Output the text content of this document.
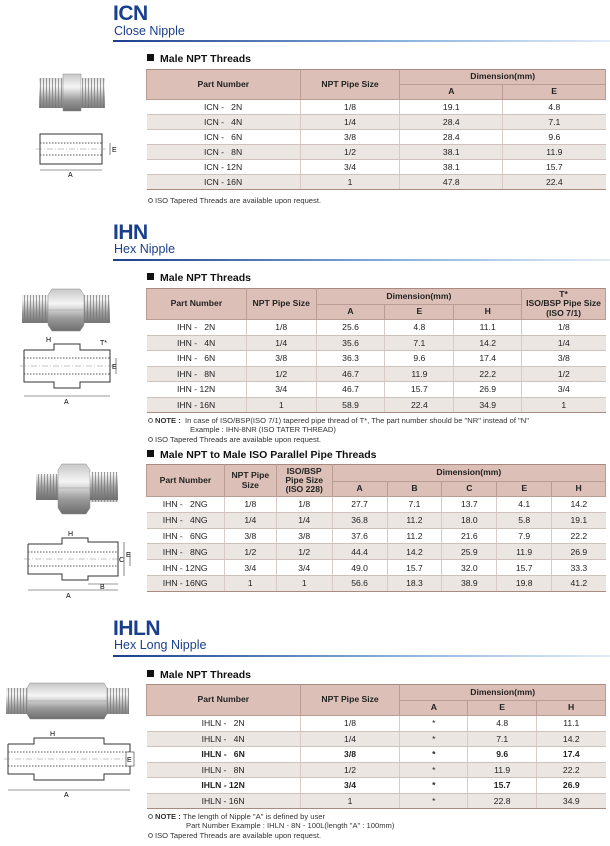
ICN
Close Nipple
Male NPT Threads
E
A
Part Number	NPT Pipe Size	Dimension(mm)	
		A	E
ICN -   2N	1/8	19.1	4.8
ICN -   4N	1/4	28.4	7.1
ICN -   6N	3/8	28.4	9.6
ICN -   8N	1/2	38.1	11.9
ICN - 12N	3/4	38.1	15.7
ICN - 16N	1	47.8	22.4
ISO Tapered Threads are available upon request.
IHN
Hex Nipple
Male NPT Threads
H	T*
E
A
Part Number	NPT Pipe Size	Dimension(mm)			T*
ISO/BSP Pipe Size (ISO 7/1)
		A	E	H	
IHN -   2N	1/8	25.6	4.8	11.1	1/8
IHN -   4N	1/4	35.6	7.1	14.2	1/4
IHN -   6N	3/8	36.3	9.6	17.4	3/8
IHN -   8N	1/2	46.7	11.9	22.2	1/2
IHN - 12N	3/4	46.7	15.7	26.9	3/4
IHN - 16N	1	58.9	22.4	34.9	1
NOTE : In case of ISO/BSP(ISO 7/1) tapered pipe thread of T*, The part number should be "NR" instead of "N"
Example : IHN-8NR (ISO TATER THREAD)
ISO Tapered Threads are available upon request.
Male NPT to Male ISO Parallel Pipe Threads
H
C
E
A
B
Part Number	NPT Pipe Size	ISO/BSP Pipe Size (ISO 228)	Dimension(mm)				
			A	B	C	E	H
IHN -   2NG	1/8	1/8	27.7	7.1	13.7	4.1	14.2
IHN -   4NG	1/4	1/4	36.8	11.2	18.0	5.8	19.1
IHN -   6NG	3/8	3/8	37.6	11.2	21.6	7.9	22.2
IHN -   8NG	1/2	1/2	44.4	14.2	25.9	11.9	26.9
IHN - 12NG	3/4	3/4	49.0	15.7	32.0	15.7	33.3
IHN - 16NG	1	1	56.6	18.3	38.9	19.8	41.2
IHLN
Hex Long Nipple
Male NPT Threads
H
E
A
Part Number	NPT Pipe Size	Dimension(mm)		
		A	E	H
IHLN -   2N	1/8	*	4.8	11.1
IHLN -   4N	1/4	*	7.1	14.2
IHLN -   6N	3/8	*	9.6	17.4
IHLN -   8N	1/2	*	11.9	22.2
IHLN - 12N	3/4	*	15.7	26.9
IHLN - 16N	1	*	22.8	34.9
NOTE : The length of Nipple "A" is defined by user
Part Number Example : IHLN - 8N - 100L(length "A" : 100mm)
ISO Tapered Threads are available upon request.
